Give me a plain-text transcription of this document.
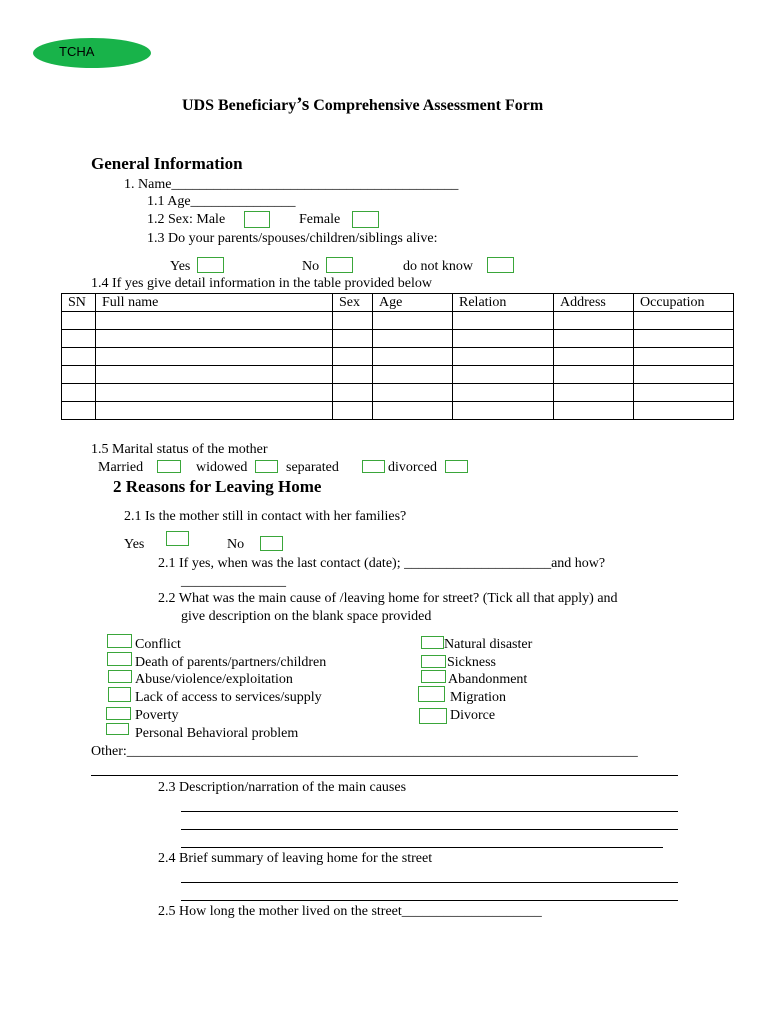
TCHA
UDS Beneficiary’s Comprehensive Assessment Form
General Information
1. Name_________________________________________
1.1 Age_______________
1.2 Sex: Male	Female
1.3 Do your parents/spouses/children/siblings alive:
Yes	No	do not know
1.4 If yes give detail information in the table provided below
SN	Full name	Sex	Age	Relation	Address	Occupation

1.5 Marital status of the mother
Married	widowed	separated	divorced
2 Reasons for Leaving Home
2.1 Is the mother still in contact with her families?
Yes	No
2.1 If yes, when was the last contact (date); _____________________and how?
_______________
2.2 What was the main cause of /leaving home for street? (Tick all that apply) and
give description on the blank space provided
Conflict
Death of parents/partners/children
Abuse/violence/exploitation
Lack of access to services/supply
Poverty
Personal Behavioral problem
Natural disaster
Sickness
Abandonment
Migration
Divorce
Other:_________________________________________________________________________
2.3 Description/narration of the main causes
2.4 Brief summary of leaving home for the street
2.5 How long the mother lived on the street____________________
